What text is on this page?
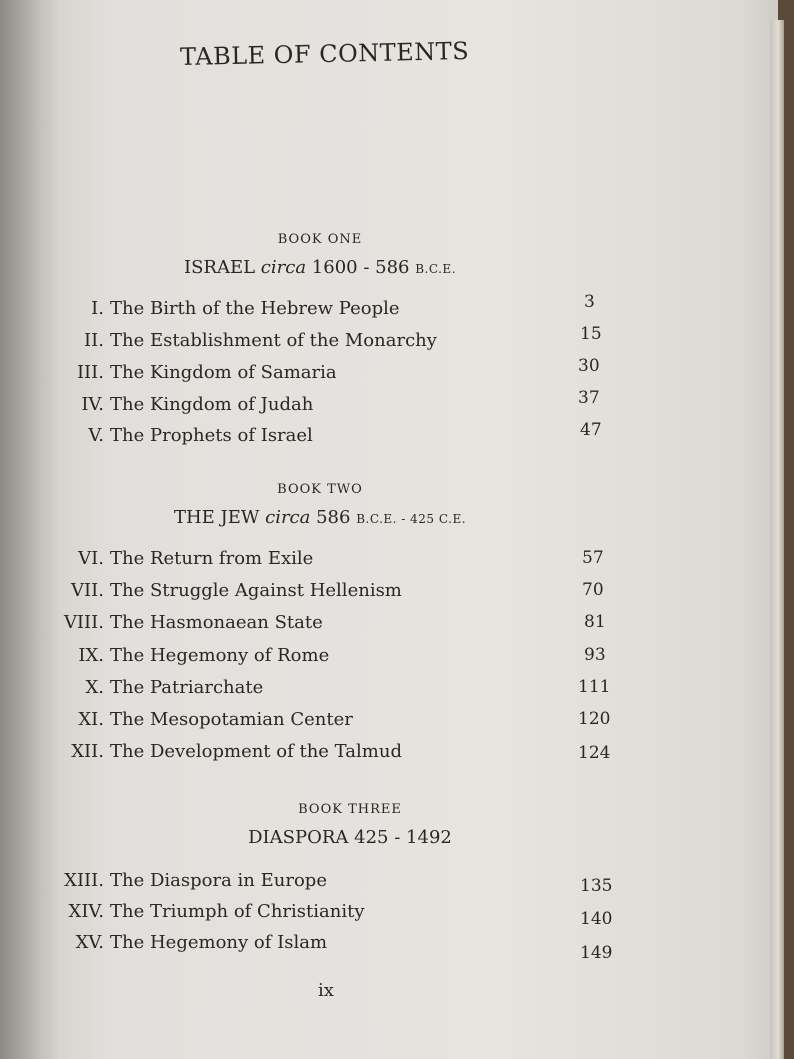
TABLE OF CONTENTS
BOOK ONE
ISRAEL circa 1600 - 586 B.C.E.
I. The Birth of the Hebrew People	3
II. The Establishment of the Monarchy	15
III. The Kingdom of Samaria	30
IV. The Kingdom of Judah	37
V. The Prophets of Israel	47
BOOK TWO
THE JEW circa 586 B.C.E. - 425 C.E.
VI. The Return from Exile	57
VII. The Struggle Against Hellenism	70
VIII. The Hasmonaean State	81
IX. The Hegemony of Rome	93
X. The Patriarchate	111
XI. The Mesopotamian Center	120
XII. The Development of the Talmud	124
BOOK THREE
DIASPORA 425 - 1492
XIII. The Diaspora in Europe	135
XIV. The Triumph of Christianity	140
XV. The Hegemony of Islam	149
ix
